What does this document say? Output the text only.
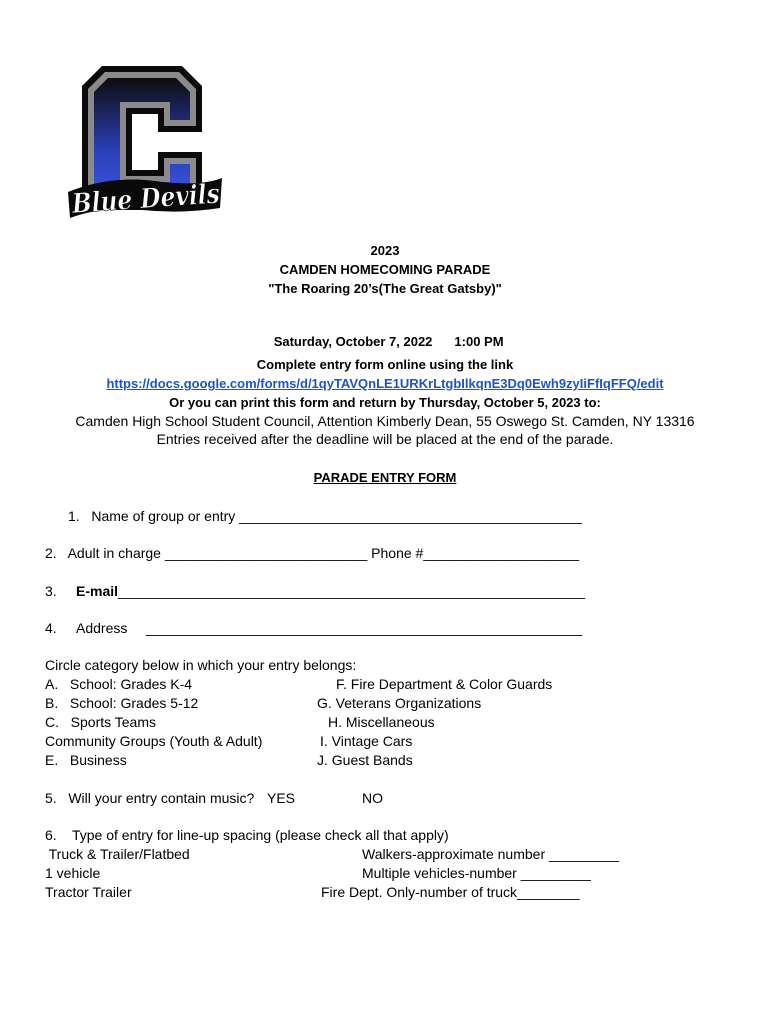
Blue Devils
2023
CAMDEN HOMECOMING PARADE
"The Roaring 20’s(The Great Gatsby)"

Saturday, October 7, 2022 1:00 PM

Complete entry form online using the link
https://docs.google.com/forms/d/1qyTAVQnLE1URKrLtgbIlkqnE3Dq0Ewh9zyIiFfIqFFQ/edit
Or you can print this form and return by Thursday, October 5, 2023 to:
Camden High School Student Council, Attention Kimberly Dean, 55 Oswego St. Camden, NY 13316
Entries received after the deadline will be placed at the end of the parade.
PARADE ENTRY FORM
1.   Name of group or entry ____________________________________________
2.   Adult in charge __________________________ Phone #____________________
3. E-mail ____________________________________________________________
4. Address ________________________________________________________
Circle category below in which your entry belongs:
A.   School: Grades K-4
B.   School: Grades 5-12
C.   Sports Teams
Community Groups (Youth & Adult)
E.   Business
F. Fire Department & Color Guards
G. Veterans Organizations
H. Miscellaneous
I. Vintage Cars
J. Guest Bands
5.   Will your entry contain music? YES	NO
6.    Type of entry for line-up spacing (please check all that apply)
Truck & Trailer/Flatbed
1 vehicle
Tractor Trailer
Walkers-approximate number _________
Multiple vehicles-number _________
Fire Dept. Only-number of truck________
